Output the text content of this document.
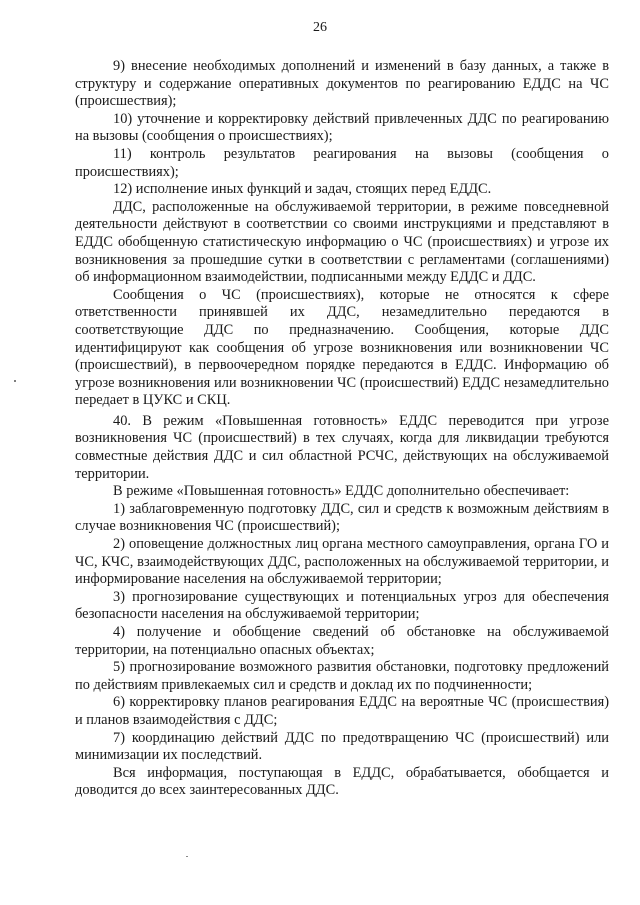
26

9) внесение необходимых дополнений и изменений в базу данных, а также в структуру и содержание оперативных документов по реагированию ЕДДС на ЧС (происшествия);

10) уточнение и корректировку действий привлеченных ДДС по реагированию на вызовы (сообщения о происшествиях);

11) контроль результатов реагирования на вызовы (сообщения о происшествиях);

12) исполнение иных функций и задач, стоящих перед ЕДДС.

ДДС, расположенные на обслуживаемой территории, в режиме повседневной деятельности действуют в соответствии со своими инструкциями и представляют в ЕДДС обобщенную статистическую информацию о ЧС (происшествиях) и угрозе их возникновения за прошедшие сутки в соответствии с регламентами (соглашениями) об информационном взаимодействии, подписанными между ЕДДС и ДДС.

Сообщения о ЧС (происшествиях), которые не относятся к сфере ответственности принявшей их ДДС, незамедлительно передаются в соответствующие ДДС по предназначению. Сообщения, которые ДДС идентифицируют как сообщения об угрозе возникновения или возникновении ЧС (происшествий), в первоочередном порядке передаются в ЕДДС. Информацию об угрозе возникновения или возникновении ЧС (происшествий) ЕДДС незамедлительно передает в ЦУКС и СКЦ.

40. В режим «Повышенная готовность» ЕДДС переводится при угрозе возникновения ЧС (происшествий) в тех случаях, когда для ликвидации требуются совместные действия ДДС и сил областной РСЧС, действующих на обслуживаемой территории.

В режиме «Повышенная готовность» ЕДДС дополнительно обеспечивает:

1) заблаговременную подготовку ДДС, сил и средств к возможным действиям в случае возникновения ЧС (происшествий);

2) оповещение должностных лиц органа местного самоуправления, органа ГО и ЧС, КЧС, взаимодействующих ДДС, расположенных на обслуживаемой территории, и информирование населения на обслуживаемой территории;

3) прогнозирование существующих и потенциальных угроз для обеспечения безопасности населения на обслуживаемой территории;

4) получение и обобщение сведений об обстановке на обслуживаемой территории, на потенциально опасных объектах;

5) прогнозирование возможного развития обстановки, подготовку предложений по действиям привлекаемых сил и средств и доклад их по подчиненности;

6) корректировку планов реагирования ЕДДС на вероятные ЧС (происшествия) и планов взаимодействия с ДДС;

7) координацию действий ДДС по предотвращению ЧС (происшествий) или минимизации их последствий.

Вся информация, поступающая в ЕДДС, обрабатывается, обобщается и доводится до всех заинтересованных ДДС.
